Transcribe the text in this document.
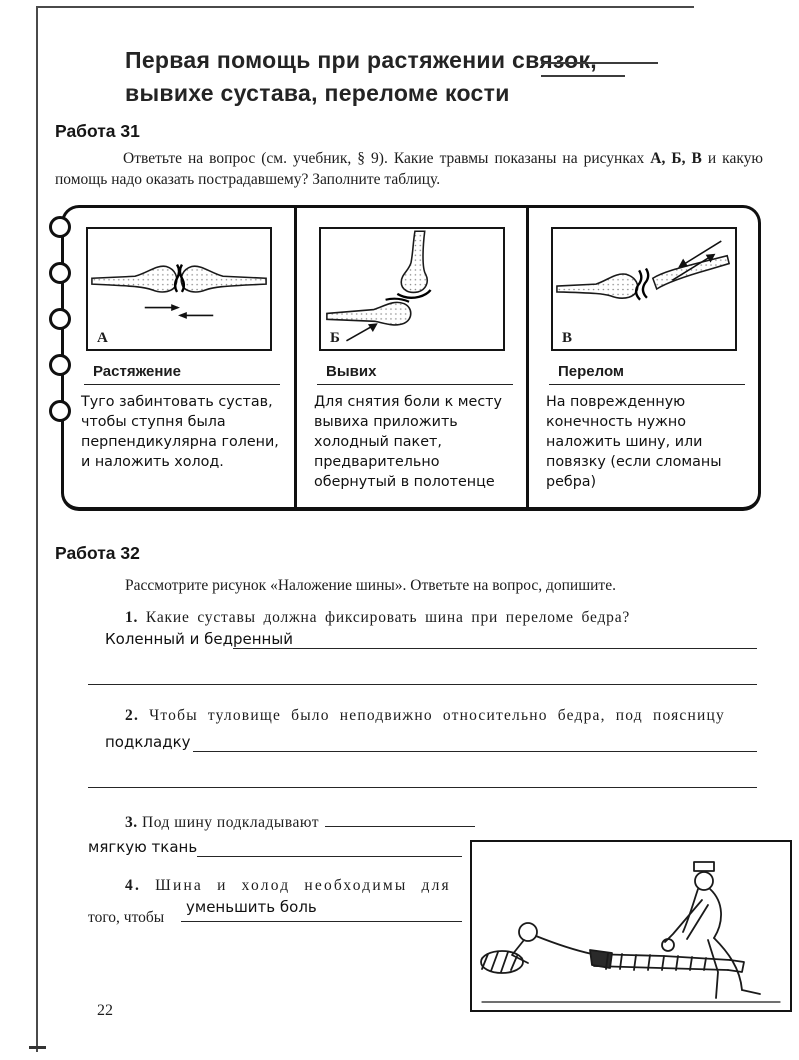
Первая помощь при растяжении связок,
вывихе сустава, переломе кости
Работа 31

Ответьте на вопрос (см. учебник, § 9). Какие травмы показаны на рисунках А, Б, В и какую помощь надо оказать пострадавшему? Заполните таблицу.

А
Растяжение
Туго забинтовать сустав, чтобы ступня была перпендикулярна голени, и наложить холод.
Б
Вывих
Для снятия боли к месту вывиха приложить холодный пакет, предварительно обернутый в полотенце
В
Перелом
На поврежденную конечность нужно наложить шину, или повязку (если сломаны ребра)
Работа 32

Рассмотрите рисунок «Наложение шины». Ответьте на вопрос, допишите.

1. Какие суставы должна фиксировать шина при переломе бедра?

Коленный и бедренный

2. Чтобы туловище было неподвижно относительно бедра, под поясницу

подкладку

3. Под шину подкладывают

мягкую ткань

4. Шина и холод необходимы для

того, чтобы

уменьшить боль
22
